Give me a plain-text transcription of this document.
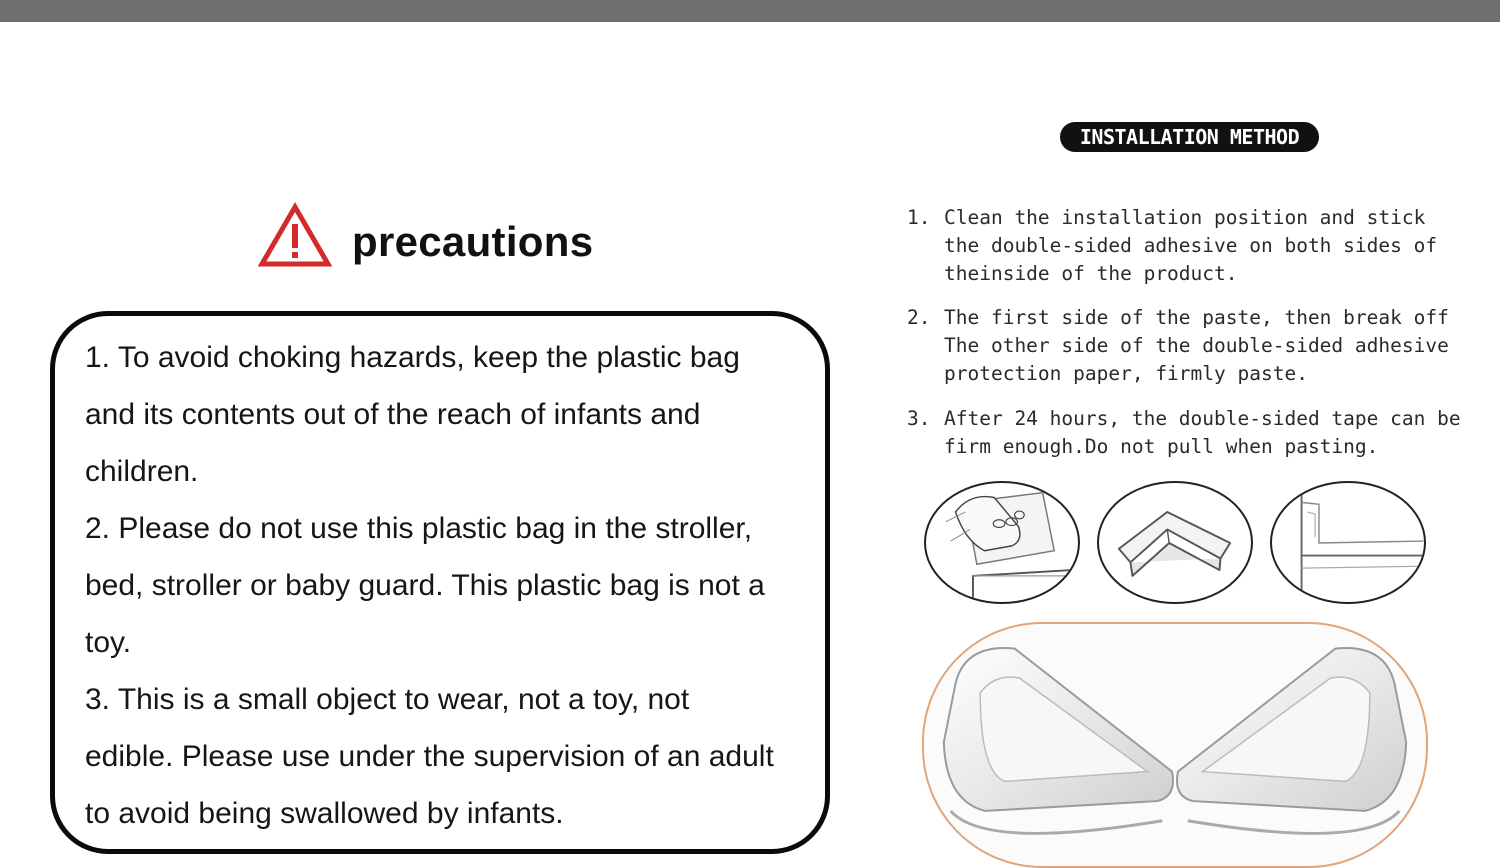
precautions
1. To avoid choking hazards, keep the plastic bag
and its contents out of the reach of infants and
children.
2. Please do not use this plastic bag in the stroller,
bed, stroller or baby guard. This plastic bag is not a
toy.
3. This is a small object to wear, not a toy, not
edible. Please use under the supervision of an adult
to avoid being swallowed by infants.
INSTALLATION METHOD
1. Clean the installation position and stick
the double-sided adhesive on both sides of
theinside of the product.
2. The first side of the paste, then break off
The other side of the double-sided adhesive
protection paper, firmly paste.
3. After 24 hours, the double-sided tape can be
firm enough.Do not pull when pasting.
